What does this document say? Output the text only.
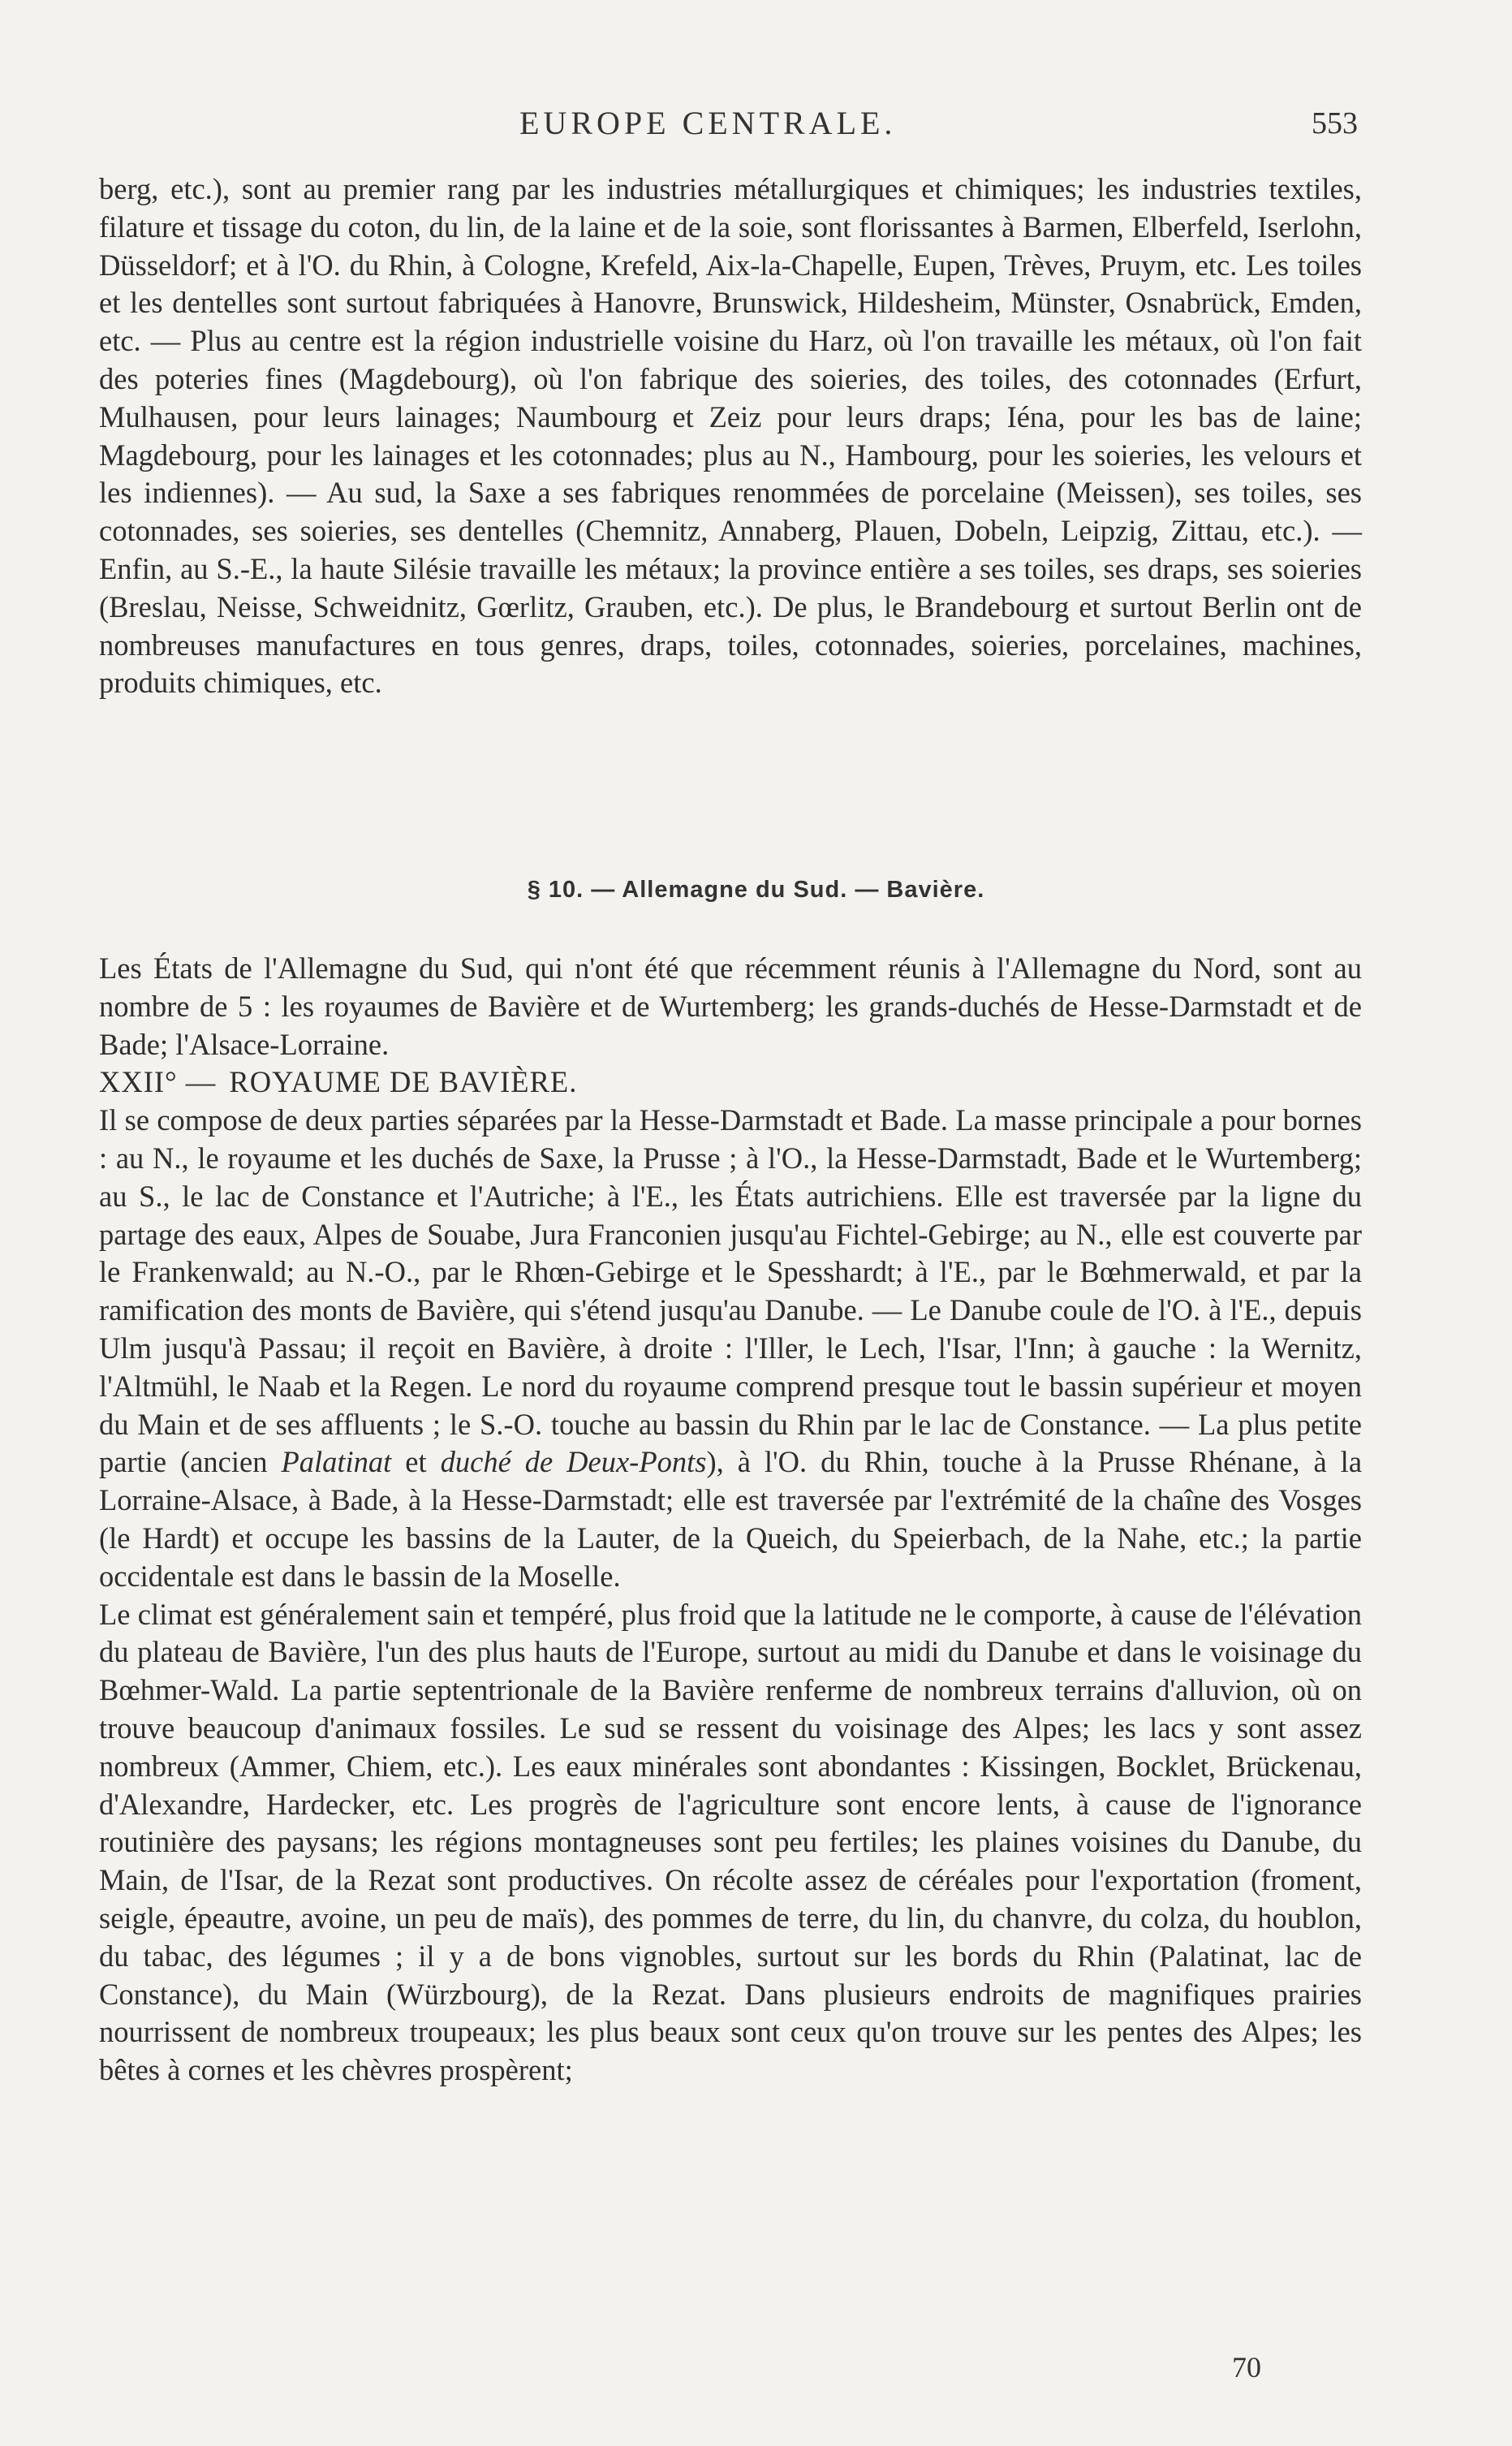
EUROPE CENTRALE.	553

berg, etc.), sont au premier rang par les industries métallurgiques et chimiques; les industries textiles, filature et tissage du coton, du lin, de la laine et de la soie, sont florissantes à Barmen, Elberfeld, Iserlohn, Düsseldorf; et à l'O. du Rhin, à Cologne, Krefeld, Aix-la-Chapelle, Eupen, Trèves, Pruym, etc. Les toiles et les dentelles sont surtout fabriquées à Hanovre, Brunswick, Hildesheim, Münster, Osnabrück, Emden, etc. — Plus au centre est la région industrielle voisine du Harz, où l'on travaille les métaux, où l'on fait des poteries fines (Magdebourg), où l'on fabrique des soieries, des toiles, des cotonnades (Erfurt, Mulhausen, pour leurs lainages; Naumbourg et Zeiz pour leurs draps; Iéna, pour les bas de laine; Magdebourg, pour les lainages et les cotonnades; plus au N., Hambourg, pour les soieries, les velours et les indiennes). — Au sud, la Saxe a ses fabriques renommées de porcelaine (Meissen), ses toiles, ses cotonnades, ses soieries, ses dentelles (Chemnitz, Annaberg, Plauen, Dobeln, Leipzig, Zittau, etc.). — Enfin, au S.-E., la haute Silésie travaille les métaux; la province entière a ses toiles, ses draps, ses soieries (Breslau, Neisse, Schweidnitz, Gœrlitz, Grauben, etc.). De plus, le Brandebourg et surtout Berlin ont de nombreuses manufactures en tous genres, draps, toiles, cotonnades, soieries, porcelaines, machines, produits chimiques, etc.

§ 10. — Allemagne du Sud. — Bavière.

Les États de l'Allemagne du Sud, qui n'ont été que récemment réunis à l'Allemagne du Nord, sont au nombre de 5 : les royaumes de Bavière et de Wurtemberg; les grands-duchés de Hesse-Darmstadt et de Bade; l'Alsace-Lorraine.

XXII° — ROYAUME DE BAVIÈRE.

Il se compose de deux parties séparées par la Hesse-Darmstadt et Bade. La masse principale a pour bornes : au N., le royaume et les duchés de Saxe, la Prusse ; à l'O., la Hesse-Darmstadt, Bade et le Wurtemberg; au S., le lac de Constance et l'Autriche; à l'E., les États autrichiens. Elle est traversée par la ligne du partage des eaux, Alpes de Souabe, Jura Franconien jusqu'au Fichtel-Gebirge; au N., elle est couverte par le Frankenwald; au N.-O., par le Rhœn-Gebirge et le Spesshardt; à l'E., par le Bœhmerwald, et par la ramification des monts de Bavière, qui s'étend jusqu'au Danube. — Le Danube coule de l'O. à l'E., depuis Ulm jusqu'à Passau; il reçoit en Bavière, à droite : l'Iller, le Lech, l'Isar, l'Inn; à gauche : la Wernitz, l'Altmühl, le Naab et la Regen. Le nord du royaume comprend presque tout le bassin supérieur et moyen du Main et de ses affluents ; le S.-O. touche au bassin du Rhin par le lac de Constance. — La plus petite partie (ancien Palatinat et duché de Deux-Ponts), à l'O. du Rhin, touche à la Prusse Rhénane, à la Lorraine-Alsace, à Bade, à la Hesse-Darmstadt; elle est traversée par l'extrémité de la chaîne des Vosges (le Hardt) et occupe les bassins de la Lauter, de la Queich, du Speierbach, de la Nahe, etc.; la partie occidentale est dans le bassin de la Moselle.

Le climat est généralement sain et tempéré, plus froid que la latitude ne le comporte, à cause de l'élévation du plateau de Bavière, l'un des plus hauts de l'Europe, surtout au midi du Danube et dans le voisinage du Bœhmer-Wald. La partie septentrionale de la Bavière renferme de nombreux terrains d'alluvion, où on trouve beaucoup d'animaux fossiles. Le sud se ressent du voisinage des Alpes; les lacs y sont assez nombreux (Ammer, Chiem, etc.). Les eaux minérales sont abondantes : Kissingen, Bocklet, Brückenau, d'Alexandre, Hardecker, etc. Les progrès de l'agriculture sont encore lents, à cause de l'ignorance routinière des paysans; les régions montagneuses sont peu fertiles; les plaines voisines du Danube, du Main, de l'Isar, de la Rezat sont productives. On récolte assez de céréales pour l'exportation (froment, seigle, épeautre, avoine, un peu de maïs), des pommes de terre, du lin, du chanvre, du colza, du houblon, du tabac, des légumes ; il y a de bons vignobles, surtout sur les bords du Rhin (Palatinat, lac de Constance), du Main (Würzbourg), de la Rezat. Dans plusieurs endroits de magnifiques prairies nourrissent de nombreux troupeaux; les plus beaux sont ceux qu'on trouve sur les pentes des Alpes; les bêtes à cornes et les chèvres prospèrent;

70
